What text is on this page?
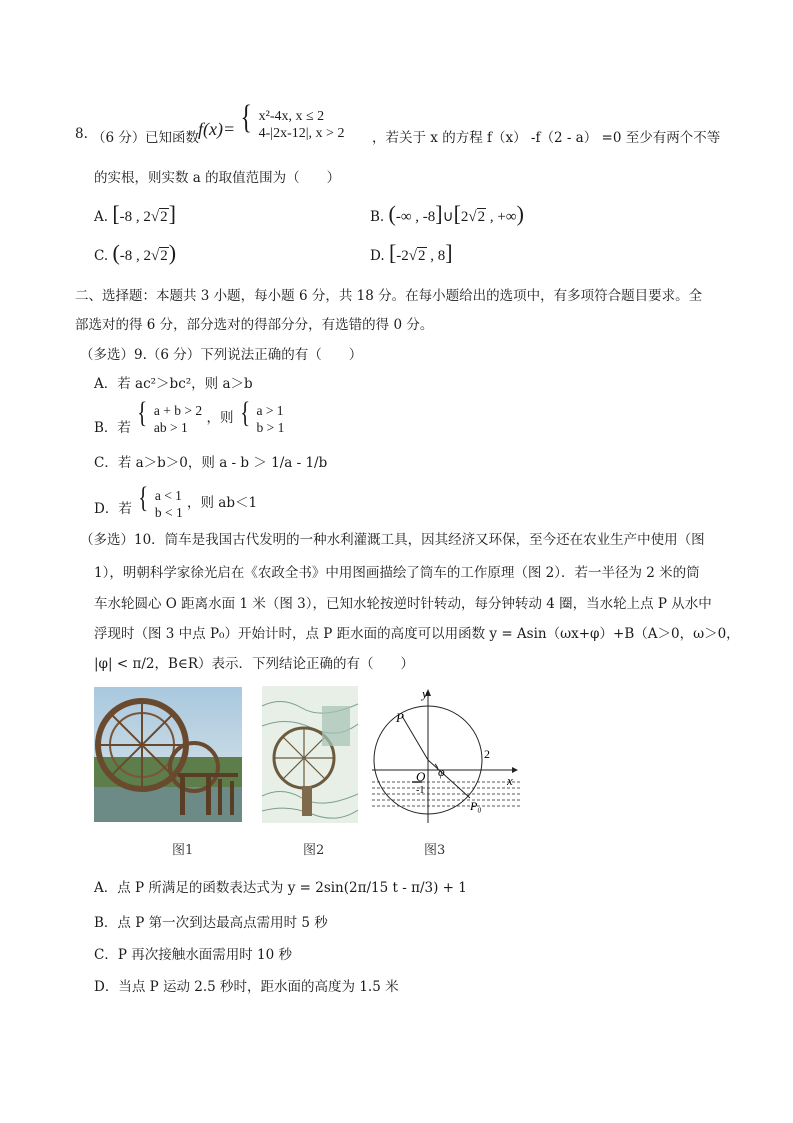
8. （6 分） 已知函数 f(x)= { x²-4x, x ≤ 2
4-|2x-12|, x > 2 ，若关于 x 的方程 f（x） -f（2 - a） =0 至少有两个不等
的实根，则实数 a 的取值范围为（　　）
A. [-8 , 2√2]	B. (-∞ , -8]∪[2√2 , +∞)
C. (-8 , 2√2)	D. [-2√2 , 8]
二、选择题：本题共 3 小题，每小题 6 分，共 18 分。在每小题给出的选项中，有多项符合题目要求。全
部选对的得 6 分，部分选对的得部分分，有选错的得 0 分。
（多选）9.（6 分）下列说法正确的有（　　）
A．若 ac²＞bc²，则 a＞b
B．若 { a + b > 2
ab > 1 ，则 { a > 1
b > 1
C．若 a＞b＞0，则 a - b ＞ 1/a - 1/b
D．若 { a < 1
b < 1 ，则 ab＜1
（多选）10．筒车是我国古代发明的一种水利灌溉工具，因其经济又环保，至今还在农业生产中使用（图
1），明朝科学家徐光启在《农政全书》中用图画描绘了筒车的工作原理（图 2）．若一半径为 2 米的筒
车水轮圆心 O 距离水面 1 米（图 3），已知水轮按逆时针转动，每分钟转动 4 圈，当水轮上点 P 从水中
浮现时（图 3 中点 P₀）开始计时，点 P 距水面的高度可以用函数 y = Asin（ωx+φ）+B（A＞0，ω＞0，
|φ| < π/2，B∈R）表示．下列结论正确的有（　　）
y
x
P
O
2
φ
-1
P₀
图1	图2	图3
A．点 P 所满足的函数表达式为 y = 2sin(2π/15 t - π/3) + 1
B．点 P 第一次到达最高点需用时 5 秒
C．P 再次接触水面需用时 10 秒
D．当点 P 运动 2.5 秒时，距水面的高度为 1.5 米
